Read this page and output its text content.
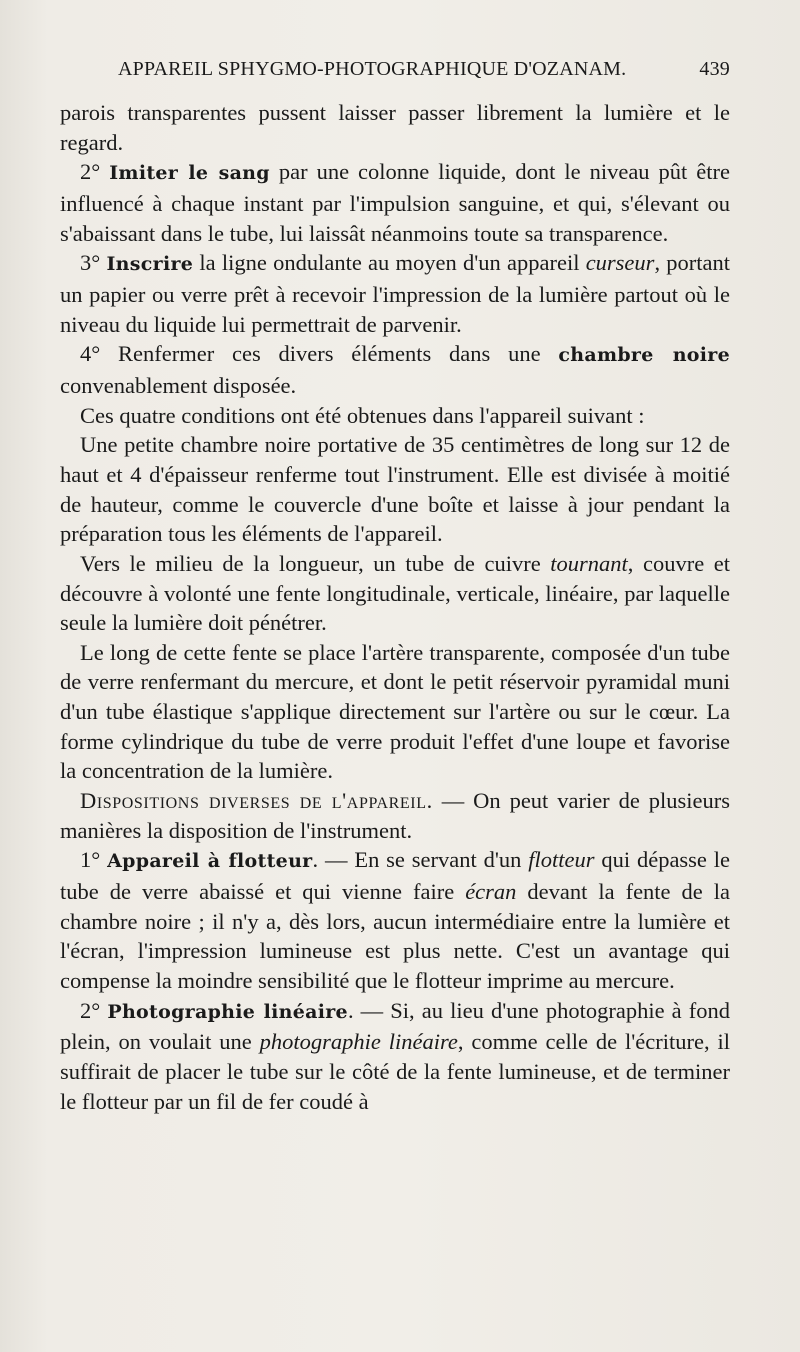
APPAREIL SPHYGMO-PHOTOGRAPHIQUE D'OZANAM.	439

parois transparentes pussent laisser passer librement la lumière et le regard.

2° Imiter le sang par une colonne liquide, dont le niveau pût être influencé à chaque instant par l'impulsion sanguine, et qui, s'élevant ou s'abaissant dans le tube, lui laissât néanmoins toute sa transparence.

3° Inscrire la ligne ondulante au moyen d'un appareil curseur, portant un papier ou verre prêt à recevoir l'impression de la lumière partout où le niveau du liquide lui permettrait de parvenir.

4° Renfermer ces divers éléments dans une chambre noire convenablement disposée.

Ces quatre conditions ont été obtenues dans l'appareil suivant :

Une petite chambre noire portative de 35 centimètres de long sur 12 de haut et 4 d'épaisseur renferme tout l'instrument. Elle est divisée à moitié de hauteur, comme le couvercle d'une boîte et laisse à jour pendant la préparation tous les éléments de l'appareil.

Vers le milieu de la longueur, un tube de cuivre tournant, couvre et découvre à volonté une fente longitudinale, verticale, linéaire, par laquelle seule la lumière doit pénétrer.

Le long de cette fente se place l'artère transparente, composée d'un tube de verre renfermant du mercure, et dont le petit réservoir pyramidal muni d'un tube élastique s'applique directement sur l'artère ou sur le cœur. La forme cylindrique du tube de verre produit l'effet d'une loupe et favorise la concentration de la lumière.

Dispositions diverses de l'appareil. — On peut varier de plusieurs manières la disposition de l'instrument.

1° Appareil à flotteur. — En se servant d'un flotteur qui dépasse le tube de verre abaissé et qui vienne faire écran devant la fente de la chambre noire ; il n'y a, dès lors, aucun intermédiaire entre la lumière et l'écran, l'impression lumineuse est plus nette. C'est un avantage qui compense la moindre sensibilité que le flotteur imprime au mercure.

2° Photographie linéaire. — Si, au lieu d'une photographie à fond plein, on voulait une photographie linéaire, comme celle de l'écriture, il suffirait de placer le tube sur le côté de la fente lumineuse, et de terminer le flotteur par un fil de fer coudé à
